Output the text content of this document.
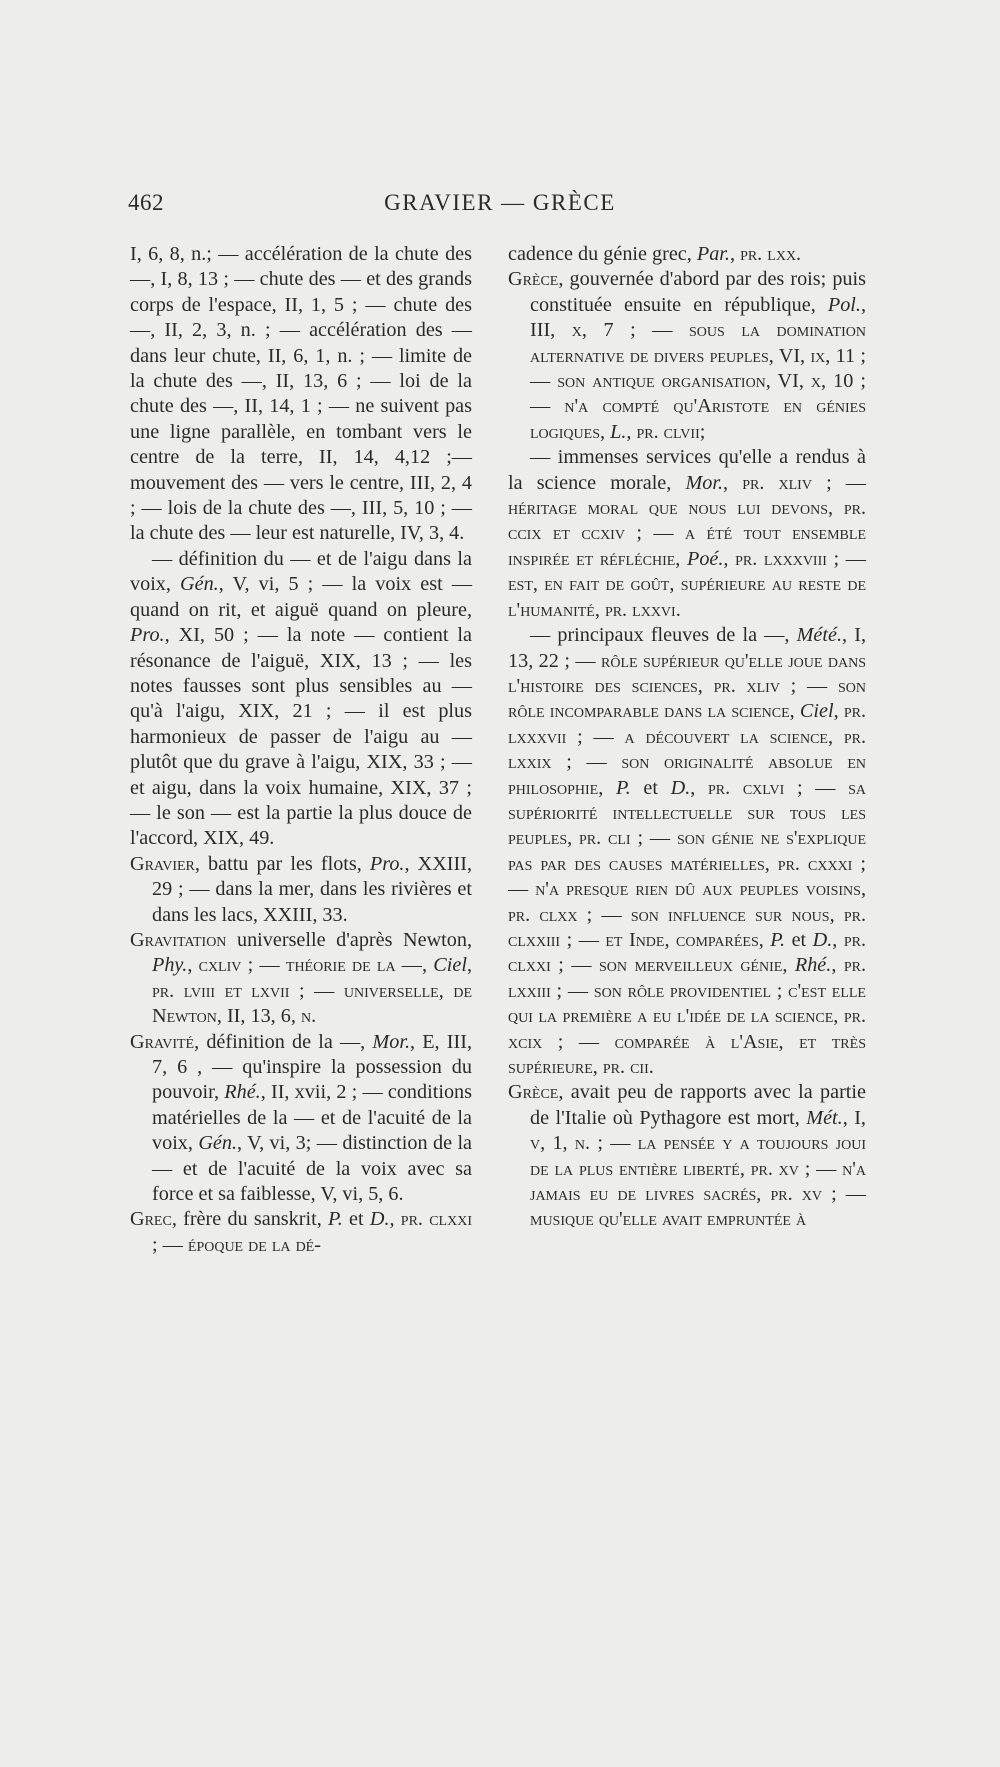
462	GRAVIER — GRÈCE

I, 6, 8, n.; — accélération de la chute des —, I, 8, 13 ; — chute des — et des grands corps de l'espace, II, 1, 5 ; — chute des —, II, 2, 3, n. ; — accélération des — dans leur chute, II, 6, 1, n. ; — limite de la chute des —, II, 13, 6 ; — loi de la chute des —, II, 14, 1 ; — ne suivent pas une ligne parallèle, en tombant vers le centre de la terre, II, 14, 4,12 ;— mouvement des — vers le centre, III, 2, 4 ; — lois de la chute des —, III, 5, 10 ; — la chute des — leur est naturelle, IV, 3, 4.

— définition du — et de l'aigu dans la voix, Gén., V, vi, 5 ; — la voix est — quand on rit, et aiguë quand on pleure, Pro., XI, 50 ; — la note — contient la résonance de l'aiguë, XIX, 13 ; — les notes fausses sont plus sensibles au — qu'à l'aigu, XIX, 21 ; — il est plus harmonieux de passer de l'aigu au — plutôt que du grave à l'aigu, XIX, 33 ; — et aigu, dans la voix humaine, XIX, 37 ; — le son — est la partie la plus douce de l'accord, XIX, 49.

Gravier, battu par les flots, Pro., XXIII, 29 ; — dans la mer, dans les rivières et dans les lacs, XXIII, 33.

Gravitation universelle d'après Newton, Phy., cxliv ; — théorie de la —, Ciel, pr. lviii et lxvii ; — universelle, de Newton, II, 13, 6, n.

Gravité, définition de la —, Mor., E, III, 7, 6 , — qu'inspire la possession du pouvoir, Rhé., II, xvii, 2 ; — conditions matérielles de la — et de l'acuité de la voix, Gén., V, vi, 3; — distinction de la — et de l'acuité de la voix avec sa force et sa faiblesse, V, vi, 5, 6.

Grec, frère du sanskrit, P. et D., pr. clxxi ; — époque de la dé-

cadence du génie grec, Par., pr. lxx.

Grèce, gouvernée d'abord par des rois; puis constituée ensuite en république, Pol., III, x, 7 ; — sous la domination alternative de divers peuples, VI, ix, 11 ; — son antique organisation, VI, x, 10 ; — n'a compté qu'Aristote en génies logiques, L., pr. clvii;

— immenses services qu'elle a rendus à la science morale, Mor., pr. xliv ; — héritage moral que nous lui devons, pr. ccix et ccxiv ; — a été tout ensemble inspirée et réfléchie, Poé., pr. lxxxviii ; — est, en fait de goût, supérieure au reste de l'humanité, pr. lxxvi.

— principaux fleuves de la —, Mété., I, 13, 22 ; — rôle supérieur qu'elle joue dans l'histoire des sciences, pr. xliv ; — son rôle incomparable dans la science, Ciel, pr. lxxxvii ; — a découvert la science, pr. lxxix ; — son originalité absolue en philosophie, P. et D., pr. cxlvi ; — sa supériorité intellectuelle sur tous les peuples, pr. cli ; — son génie ne s'explique pas par des causes matérielles, pr. cxxxi ; — n'a presque rien dû aux peuples voisins, pr. clxx ; — son influence sur nous, pr. clxxiii ; — et Inde, comparées, P. et D., pr. clxxi ; — son merveilleux génie, Rhé., pr. lxxiii ; — son rôle providentiel ; c'est elle qui la première a eu l'idée de la science, pr. xcix ; — comparée à l'Asie, et très supérieure, pr. cii.

Grèce, avait peu de rapports avec la partie de l'Italie où Pythagore est mort, Mét., I, v, 1, n. ; — la pensée y a toujours joui de la plus entière liberté, pr. xv ; — n'a jamais eu de livres sacrés, pr. xv ; — musique qu'elle avait empruntée à
